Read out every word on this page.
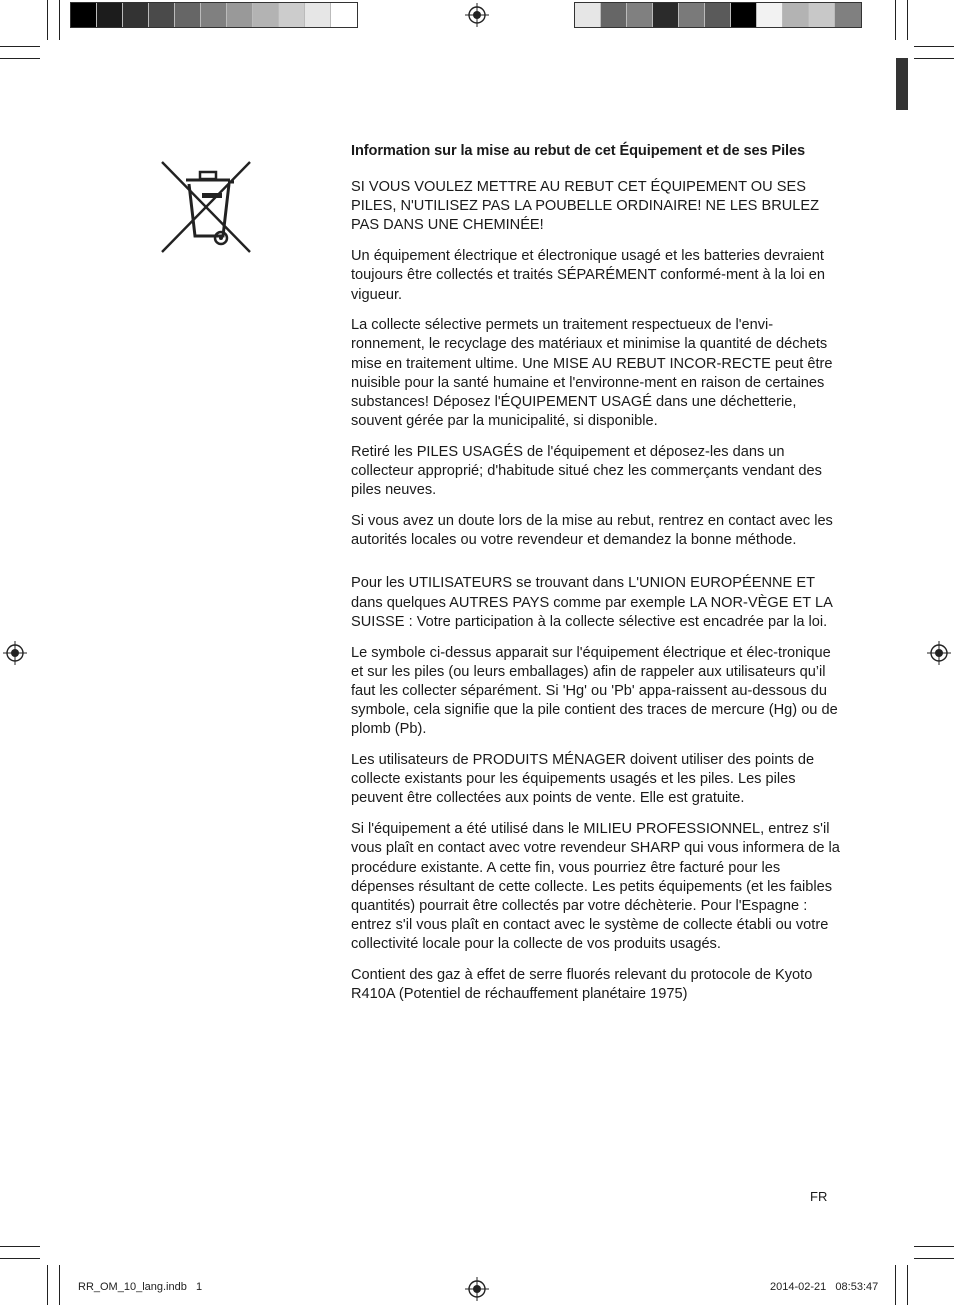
Information sur la mise au rebut de cet Équipement et de ses Piles

SI VOUS VOULEZ METTRE AU REBUT CET ÉQUIPEMENT OU SES PILES, N'UTILISEZ PAS LA POUBELLE ORDINAIRE! NE LES BRULEZ PAS DANS UNE CHEMINÉE!

Un équipement électrique et électronique usagé et les batteries devraient toujours être collectés et traités SÉPARÉMENT conformé-ment à la loi en vigueur.

La collecte sélective permets un traitement respectueux de l'envi-ronnement, le recyclage des matériaux et minimise la quantité de déchets mise en traitement ultime. Une MISE AU REBUT INCOR-RECTE peut être nuisible pour la santé humaine et l'environne-ment en raison de certaines substances! Déposez l'ÉQUIPEMENT USAGÉ dans une déchetterie, souvent gérée par la municipalité, si disponible.

Retiré les PILES USAGÉS de l'équipement et déposez-les dans un collecteur approprié; d'habitude situé chez les commerçants vendant des piles neuves.

Si vous avez un doute lors de la mise au rebut, rentrez en contact avec les autorités locales ou votre revendeur et demandez la bonne méthode.

Pour les UTILISATEURS se trouvant dans L'UNION EUROPÉENNE ET dans quelques AUTRES PAYS comme par exemple LA NOR-VÈGE ET LA SUISSE : Votre participation à la collecte sélective est encadrée par la loi.

Le symbole ci-dessus apparait sur l'équipement électrique et élec-tronique et sur les piles (ou leurs emballages) afin de rappeler aux utilisateurs qu’il faut les collecter séparément. Si 'Hg' ou 'Pb' appa-raissent au-dessous du symbole, cela signifie que la pile contient des traces de mercure (Hg) ou de plomb (Pb).

Les utilisateurs de PRODUITS MÉNAGER doivent utiliser des points de collecte existants pour les équipements usagés et les piles. Les piles peuvent être collectées aux points de vente. Elle est gratuite.

Si l'équipement a été utilisé dans le MILIEU PROFESSIONNEL, entrez s'il vous plaît en contact avec votre revendeur SHARP qui vous informera de la procédure existante. A cette fin, vous pourriez être facturé pour les dépenses résultant de cette collecte. Les petits équipements (et les faibles quantités) pourrait être collectés par votre déchèterie. Pour l'Espagne : entrez s'il vous plaît en contact avec le système de collecte établi ou votre collectivité locale pour la collecte de vos produits usagés.

Contient des gaz à effet de serre fluorés relevant du protocole de Kyoto R410A (Potentiel de réchauffement planétaire 1975)

FR
RR_OM_10_lang.indb   1	2014-02-21   08:53:47
